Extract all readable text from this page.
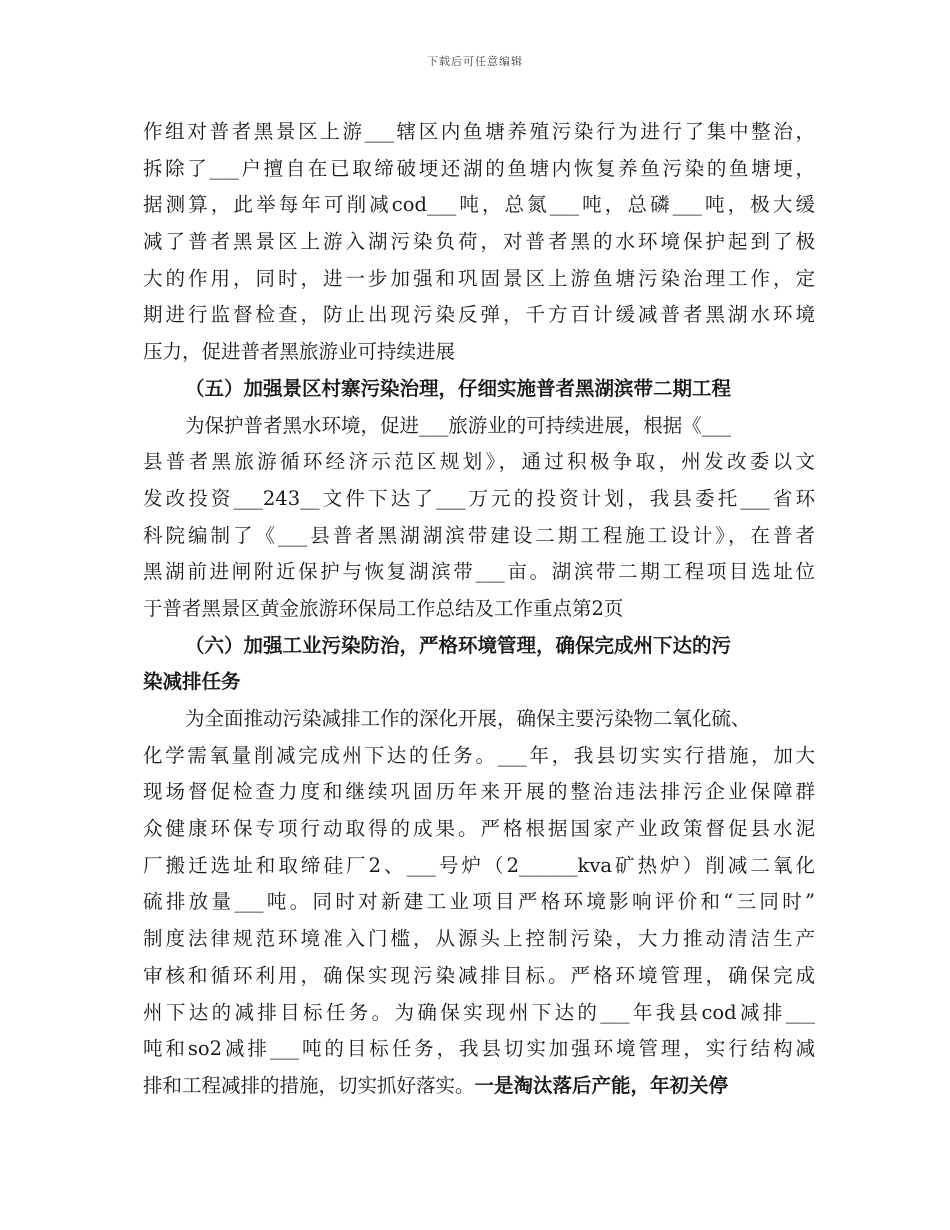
下载后可任意编辑
作组对普者黑景区上游___辖区内鱼塘养殖污染行为进行了集中整治，
拆除了___户擅自在已取缔破埂还湖的鱼塘内恢复养鱼污染的鱼塘埂，
据测算，此举每年可削减cod___吨，总氮___吨，总磷___吨，极大缓
减了普者黑景区上游入湖污染负荷，对普者黑的水环境保护起到了极
大的作用，同时，进一步加强和巩固景区上游鱼塘污染治理工作，定
期进行监督检查，防止出现污染反弹，千方百计缓减普者黑湖水环境
压力，促进普者黑旅游业可持续进展
（五）加强景区村寨污染治理，仔细实施普者黑湖滨带二期工程
为保护普者黑水环境，促进___旅游业的可持续进展，根据《___
县普者黑旅游循环经济示范区规划》，通过积极争取，州发改委以文
发改投资___243__文件下达了___万元的投资计划，我县委托___省环
科院编制了《___县普者黑湖湖滨带建设二期工程施工设计》，在普者
黑湖前进闸附近保护与恢复湖滨带___亩。湖滨带二期工程项目选址位
于普者黑景区黄金旅游环保局工作总结及工作重点第2页
（六）加强工业污染防治，严格环境管理，确保完成州下达的污
染减排任务
为全面推动污染减排工作的深化开展，确保主要污染物二氧化硫、
化学需氧量削减完成州下达的任务。___年，我县切实实行措施，加大
现场督促检查力度和继续巩固历年来开展的整治违法排污企业保障群
众健康环保专项行动取得的成果。严格根据国家产业政策督促县水泥
厂搬迁选址和取缔硅厂2、___号炉（2______kva矿热炉）削减二氧化
硫排放量___吨。同时对新建工业项目严格环境影响评价和“三同时”
制度法律规范环境准入门槛，从源头上控制污染，大力推动清洁生产
审核和循环利用，确保实现污染减排目标。严格环境管理，确保完成
州下达的减排目标任务。为确保实现州下达的___年我县cod减排___
吨和so2减排___吨的目标任务，我县切实加强环境管理，实行结构减
排和工程减排的措施，切实抓好落实。一是淘汰落后产能，年初关停
